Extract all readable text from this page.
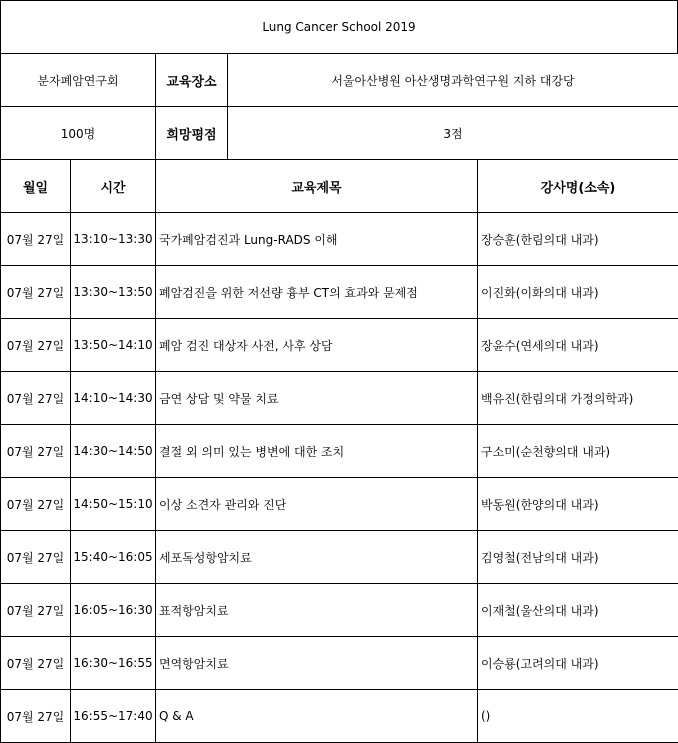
Lung Cancer School 2019
분자폐암연구회	교육장소	서울아산병원 아산생명과학연구원 지하 대강당
100명	희망평점	3점
월일	시간	교육제목	강사명(소속)
07월 27일	13:10~13:30	국가폐암검진과 Lung-RADS 이해	장승훈(한림의대 내과)
07월 27일	13:30~13:50	폐암검진을 위한 저선량 흉부 CT의 효과와 문제점	이진화(이화의대 내과)
07월 27일	13:50~14:10	폐암 검진 대상자 사전, 사후 상담	장윤수(연세의대 내과)
07월 27일	14:10~14:30	금연 상담 및 약물 치료	백유진(한림의대 가정의학과)
07월 27일	14:30~14:50	결절 외 의미 있는 병변에 대한 조치	구소미(순천향의대 내과)
07월 27일	14:50~15:10	이상 소견자 관리와 진단	박동원(한양의대 내과)
07월 27일	15:40~16:05	세포독성항암치료	김영철(전남의대 내과)
07월 27일	16:05~16:30	표적항암치료	이재철(울산의대 내과)
07월 27일	16:30~16:55	면역항암치료	이승룡(고려의대 내과)
07월 27일	16:55~17:40	Q & A	()
